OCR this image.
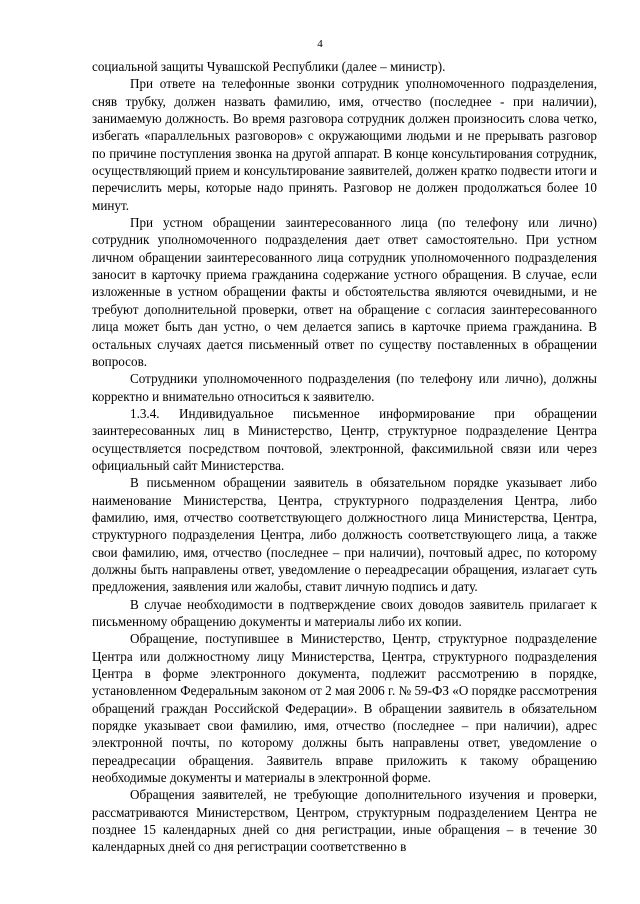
4

социальной защиты Чувашской Республики (далее – министр).

При ответе на телефонные звонки сотрудник уполномоченного подразделения, сняв трубку, должен назвать фамилию, имя, отчество (последнее - при наличии), занимаемую должность. Во время разговора сотрудник должен произносить слова четко, избегать «параллельных разговоров» с окружающими людьми и не прерывать разговор по причине поступления звонка на другой аппарат. В конце консультирования сотрудник, осуществляющий прием и консультирование заявителей, должен кратко подвести итоги и перечислить меры, которые надо принять. Разговор не должен продолжаться более 10 минут.

При устном обращении заинтересованного лица (по телефону или лично) сотрудник уполномоченного подразделения дает ответ самостоятельно. При устном личном обращении заинтересованного лица сотрудник уполномоченного подразделения заносит в карточку приема гражданина содержание устного обращения. В случае, если изложенные в устном обращении факты и обстоятельства являются очевидными, и не требуют дополнительной проверки, ответ на обращение с согласия заинтересованного лица может быть дан устно, о чем делается запись в карточке приема гражданина. В остальных случаях дается письменный ответ по существу поставленных в обращении вопросов.

Сотрудники уполномоченного подразделения (по телефону или лично), должны корректно и внимательно относиться к заявителю.

1.3.4. Индивидуальное письменное информирование при обращении заинтересованных лиц в Министерство, Центр, структурное подразделение Центра осуществляется посредством почтовой, электронной, факсимильной связи или через официальный сайт Министерства.

В письменном обращении заявитель в обязательном порядке указывает либо наименование Министерства, Центра, структурного подразделения Центра, либо фамилию, имя, отчество соответствующего должностного лица Министерства, Центра, структурного подразделения Центра, либо должность соответствующего лица, а также свои фамилию, имя, отчество (последнее – при наличии), почтовый адрес, по которому должны быть направлены ответ, уведомление о переадресации обращения, излагает суть предложения, заявления или жалобы, ставит личную подпись и дату.

В случае необходимости в подтверждение своих доводов заявитель прилагает к письменному обращению документы и материалы либо их копии.

Обращение, поступившее в Министерство, Центр, структурное подразделение Центра или должностному лицу Министерства, Центра, структурного подразделения Центра в форме электронного документа, подлежит рассмотрению в порядке, установленном Федеральным законом от 2 мая 2006 г. № 59-ФЗ «О порядке рассмотрения обращений граждан Российской Федерации». В обращении заявитель в обязательном порядке указывает свои фамилию, имя, отчество (последнее – при наличии), адрес электронной почты, по которому должны быть направлены ответ, уведомление о переадресации обращения. Заявитель вправе приложить к такому обращению необходимые документы и материалы в электронной форме.

Обращения заявителей, не требующие дополнительного изучения и проверки, рассматриваются Министерством, Центром, структурным подразделением Центра не позднее 15 календарных дней со дня регистрации, иные обращения – в течение 30 календарных дней со дня регистрации соответственно в
